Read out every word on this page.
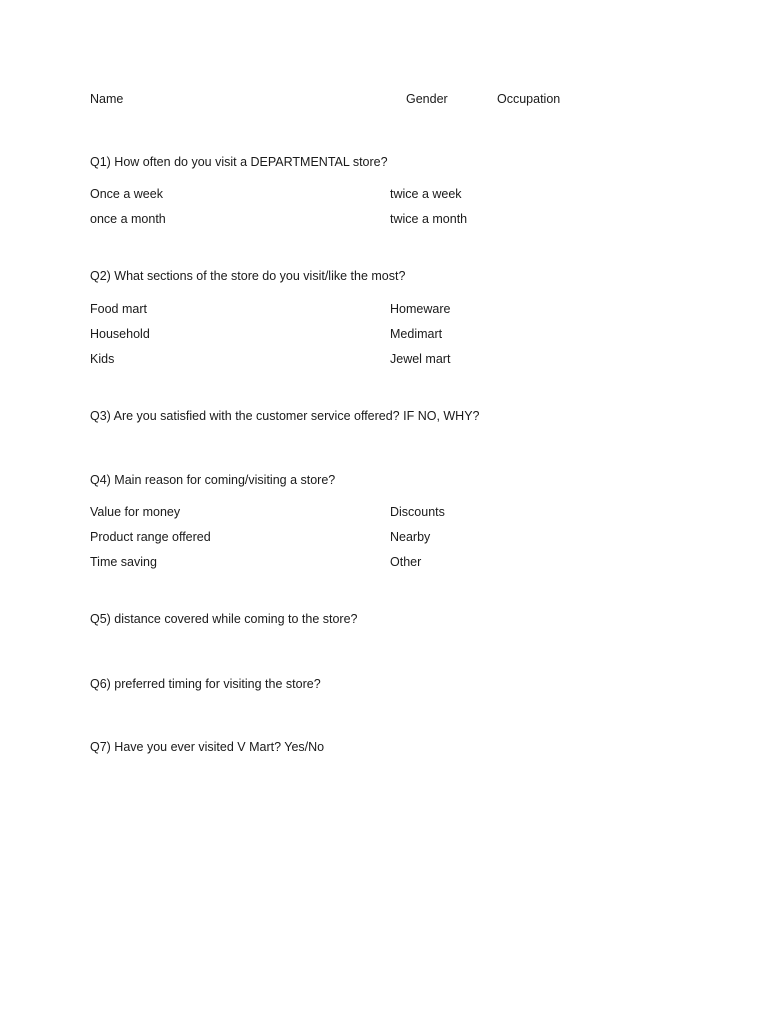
Name	Gender	Occupation
Q1) How often do you visit a DEPARTMENTAL store?
Once a week	twice a week
once a month	twice a month
Q2) What sections of the store do you visit/like the most?
Food mart	Homeware
Household	Medimart
Kids	Jewel mart
Q3) Are you satisfied with the customer service offered? IF NO, WHY?
Q4) Main reason for coming/visiting a store?
Value for money	Discounts
Product range offered	Nearby
Time saving	Other
Q5) distance covered while coming to the store?
Q6) preferred timing for visiting the store?
Q7) Have you ever visited V Mart? Yes/No
